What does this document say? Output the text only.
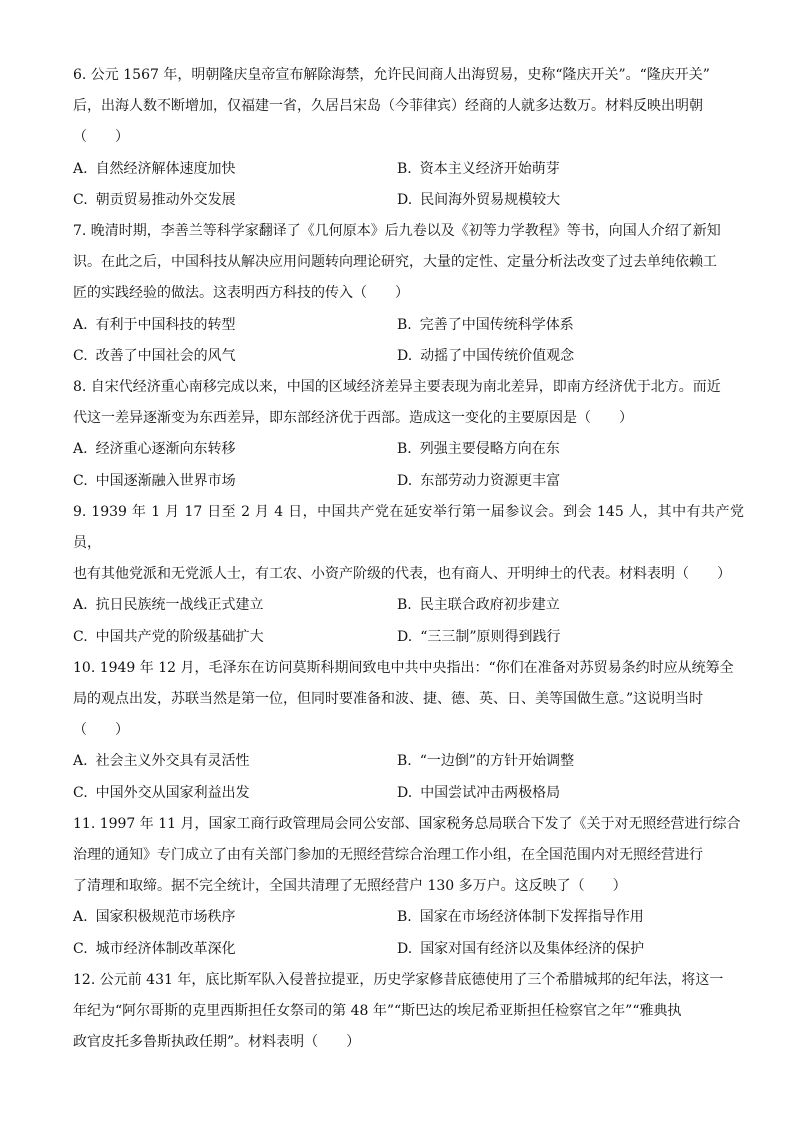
6. 公元 1567 年，明朝隆庆皇帝宣布解除海禁，允许民间商人出海贸易，史称“隆庆开关”。“隆庆开关”
后，出海人数不断增加，仅福建一省，久居吕宋岛（今菲律宾）经商的人就多达数万。材料反映出明朝
（　　）
A. 自然经济解体速度加快	B. 资本主义经济开始萌芽
C. 朝贡贸易推动外交发展	D. 民间海外贸易规模较大
7. 晚清时期，李善兰等科学家翻译了《几何原本》后九卷以及《初等力学教程》等书，向国人介绍了新知
识。在此之后，中国科技从解决应用问题转向理论研究，大量的定性、定量分析法改变了过去单纯依赖工
匠的实践经验的做法。这表明西方科技的传入（　　）
A. 有利于中国科技的转型	B. 完善了中国传统科学体系
C. 改善了中国社会的风气	D. 动摇了中国传统价值观念
8. 自宋代经济重心南移完成以来，中国的区域经济差异主要表现为南北差异，即南方经济优于北方。而近
代这一差异逐渐变为东西差异，即东部经济优于西部。造成这一变化的主要原因是（　　）
A. 经济重心逐渐向东转移	B. 列强主要侵略方向在东
C. 中国逐渐融入世界市场	D. 东部劳动力资源更丰富
9. 1939 年 1 月 17 日至 2 月 4 日，中国共产党在延安举行第一届参议会。到会 145 人，其中有共产党员，
也有其他党派和无党派人士，有工农、小资产阶级的代表，也有商人、开明绅士的代表。材料表明（　　）
A. 抗日民族统一战线正式建立	B. 民主联合政府初步建立
C. 中国共产党的阶级基础扩大	D. “三三制”原则得到践行
10. 1949 年 12 月，毛泽东在访问莫斯科期间致电中共中央指出：“你们在准备对苏贸易条约时应从统筹全
局的观点出发，苏联当然是第一位，但同时要准备和波、捷、德、英、日、美等国做生意。”这说明当时
（　　）
A. 社会主义外交具有灵活性	B. “一边倒”的方针开始调整
C. 中国外交从国家利益出发	D. 中国尝试冲击两极格局
11. 1997 年 11 月，国家工商行政管理局会同公安部、国家税务总局联合下发了《关于对无照经营进行综合
治理的通知》专门成立了由有关部门参加的无照经营综合治理工作小组，在全国范围内对无照经营进行
了清理和取缔。据不完全统计，全国共清理了无照经营户 130 多万户。这反映了（　　）
A. 国家积极规范市场秩序	B. 国家在市场经济体制下发挥指导作用
C. 城市经济体制改革深化	D. 国家对国有经济以及集体经济的保护
12. 公元前 431 年，底比斯军队入侵普拉提亚，历史学家修昔底德使用了三个希腊城邦的纪年法，将这一
年纪为“阿尔哥斯的克里西斯担任女祭司的第 48 年”“斯巴达的埃尼希亚斯担任检察官之年”“雅典执
政官皮托多鲁斯执政任期”。材料表明（　　）
